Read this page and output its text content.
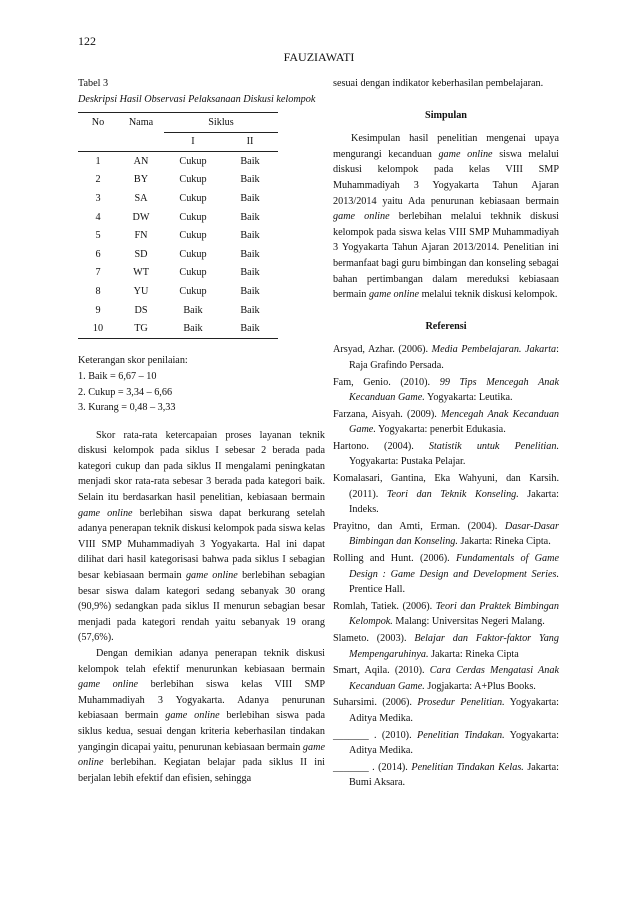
122
FAUZIAWATI

Tabel 3

Deskripsi Hasil Observasi Pelaksanaan Diskusi kelompok

No	Nama	Siklus	
		I	II
1	AN	Cukup	Baik
2	BY	Cukup	Baik
3	SA	Cukup	Baik
4	DW	Cukup	Baik
5	FN	Cukup	Baik
6	SD	Cukup	Baik
7	WT	Cukup	Baik
8	YU	Cukup	Baik
9	DS	Baik	Baik
10	TG	Baik	Baik

Keterangan skor penilaian:

1. Baik = 6,67 – 10

2. Cukup = 3,34 – 6,66

3. Kurang = 0,48 – 3,33

Skor rata-rata ketercapaian proses layanan teknik diskusi kelompok pada siklus I sebesar 2 berada pada kategori cukup dan pada siklus II mengalami peningkatan menjadi skor rata-rata sebesar 3 berada pada kategori baik. Selain itu berdasarkan hasil penelitian, kebiasaan bermain game online berlebihan siswa dapat berkurang setelah adanya penerapan teknik diskusi kelompok pada siswa kelas VIII SMP Muhammadiyah 3 Yogyakarta. Hal ini dapat dilihat dari hasil kategorisasi bahwa pada siklus I sebagian besar kebiasaan bermain game online berlebihan sebagian besar siswa dalam kategori sedang sebanyak 30 orang (90,9%) sedangkan pada siklus II menurun sebagian besar menjadi pada kategori rendah yaitu sebanyak 19 orang (57,6%).

Dengan demikian adanya penerapan teknik diskusi kelompok telah efektif menurunkan kebiasaan bermain game online berlebihan siswa kelas VIII SMP Muhammadiyah 3 Yogyakarta. Adanya penurunan kebiasaan bermain game online berlebihan siswa pada siklus kedua, sesuai dengan kriteria keberhasilan tindakan yangingin dicapai yaitu, penurunan kebiasaan bermain game online berlebihan. Kegiatan belajar pada siklus II ini berjalan lebih efektif dan efisien, sehingga

sesuai dengan indikator keberhasilan pembelajaran.

Simpulan

Kesimpulan hasil penelitian mengenai upaya mengurangi kecanduan game online siswa melalui diskusi kelompok pada kelas VIII SMP Muhammadiyah 3 Yogyakarta Tahun Ajaran 2013/2014 yaitu Ada penurunan kebiasaan bermain game online berlebihan melalui tekhnik diskusi kelompok pada siswa kelas VIII SMP Muhammadiyah 3 Yogyakarta Tahun Ajaran 2013/2014. Penelitian ini bermanfaat bagi guru bimbingan dan konseling sebagai bahan pertimbangan dalam mereduksi kebiasaan bermain game online melalui teknik diskusi kelompok.

Referensi

Arsyad, Azhar. (2006). Media Pembelajaran. Jakarta: Raja Grafindo Persada.

Fam, Genio. (2010). 99 Tips Mencegah Anak Kecanduan Game. Yogyakarta: Leutika.

Farzana, Aisyah. (2009). Mencegah Anak Kecanduan Game. Yogyakarta: penerbit Edukasia.

Hartono. (2004). Statistik untuk Penelitian. Yogyakarta: Pustaka Pelajar.

Komalasari, Gantina, Eka Wahyuni, dan Karsih. (2011). Teori dan Teknik Konseling. Jakarta: Indeks.

Prayitno, dan Amti, Erman. (2004). Dasar-Dasar Bimbingan dan Konseling. Jakarta: Rineka Cipta.

Rolling and Hunt. (2006). Fundamentals of Game Design : Game Design and Development Series. Prentice Hall.

Romlah, Tatiek. (2006). Teori dan Praktek Bimbingan Kelompok. Malang: Universitas Negeri Malang.

Slameto. (2003). Belajar dan Faktor-faktor Yang Mempengaruhinya. Jakarta: Rineka Cipta

Smart, Aqila. (2010). Cara Cerdas Mengatasi Anak Kecanduan Game. Jogjakarta: A+Plus Books.

Suharsimi. (2006). Prosedur Penelitian. Yogyakarta: Aditya Medika.

_______ . (2010). Penelitian Tindakan. Yogyakarta: Aditya Medika.

_______ . (2014). Penelitian Tindakan Kelas. Jakarta: Bumi Aksara.
